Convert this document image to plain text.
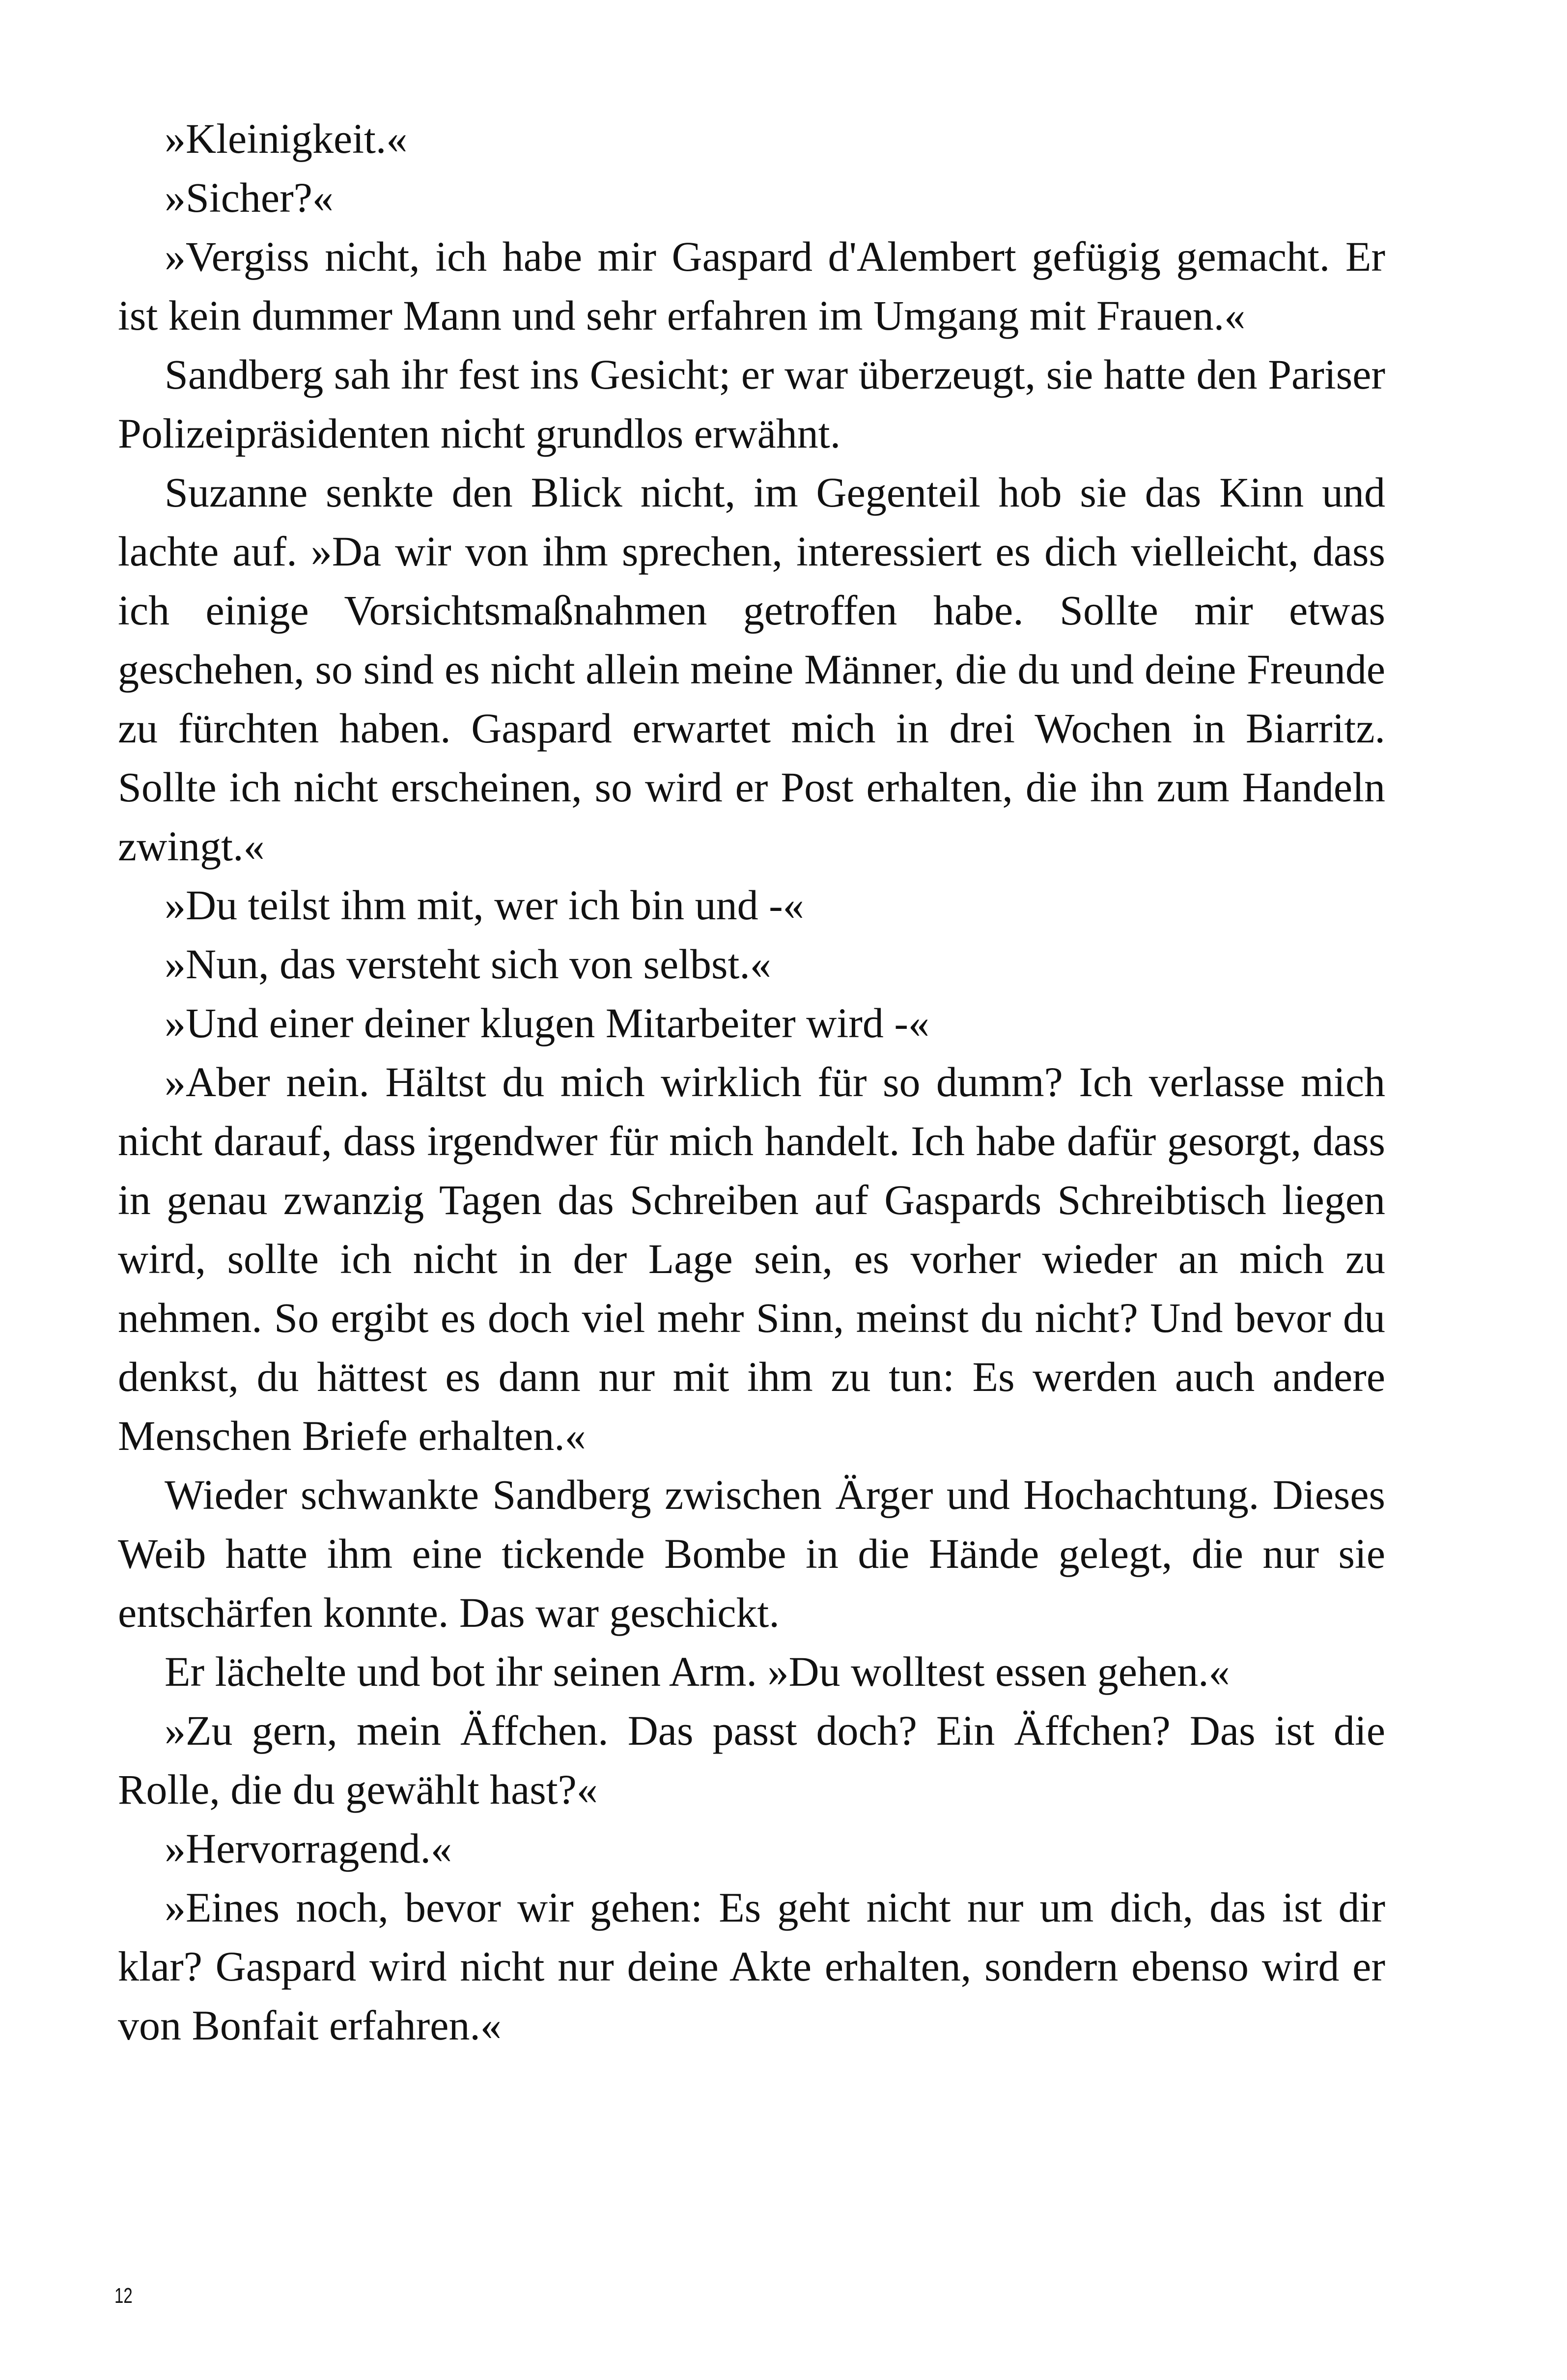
»Kleinigkeit.«

»Sicher?«

»Vergiss nicht, ich habe mir Gaspard d'Alembert gefügig gemacht. Er ist kein dummer Mann und sehr erfahren im Umgang mit Frauen.«

Sandberg sah ihr fest ins Gesicht; er war überzeugt, sie hatte den Pariser Polizeipräsidenten nicht grundlos erwähnt.

Suzanne senkte den Blick nicht, im Gegenteil hob sie das Kinn und lachte auf. »Da wir von ihm sprechen, interessiert es dich vielleicht, dass ich einige Vorsichtsmaßnahmen getroffen habe. Sollte mir etwas geschehen, so sind es nicht allein meine Männer, die du und deine Freunde zu fürchten haben. Gaspard erwartet mich in drei Wochen in Biarritz. Sollte ich nicht erscheinen, so wird er Post erhalten, die ihn zum Handeln zwingt.«

»Du teilst ihm mit, wer ich bin und -«

»Nun, das versteht sich von selbst.«

»Und einer deiner klugen Mitarbeiter wird -«

»Aber nein. Hältst du mich wirklich für so dumm? Ich verlasse mich nicht darauf, dass irgendwer für mich handelt. Ich habe dafür gesorgt, dass in genau zwanzig Tagen das Schreiben auf Gaspards Schreibtisch liegen wird, sollte ich nicht in der Lage sein, es vorher wieder an mich zu nehmen. So ergibt es doch viel mehr Sinn, meinst du nicht? Und bevor du denkst, du hättest es dann nur mit ihm zu tun: Es werden auch andere Menschen Briefe erhalten.«

Wieder schwankte Sandberg zwischen Ärger und Hochachtung. Dieses Weib hatte ihm eine tickende Bombe in die Hände gelegt, die nur sie entschärfen konnte. Das war geschickt.

Er lächelte und bot ihr seinen Arm. »Du wolltest essen gehen.«

»Zu gern, mein Äffchen. Das passt doch? Ein Äffchen? Das ist die Rolle, die du gewählt hast?«

»Hervorragend.«

»Eines noch, bevor wir gehen: Es geht nicht nur um dich, das ist dir klar? Gaspard wird nicht nur deine Akte erhalten, sondern ebenso wird er von Bonfait erfahren.«

12
